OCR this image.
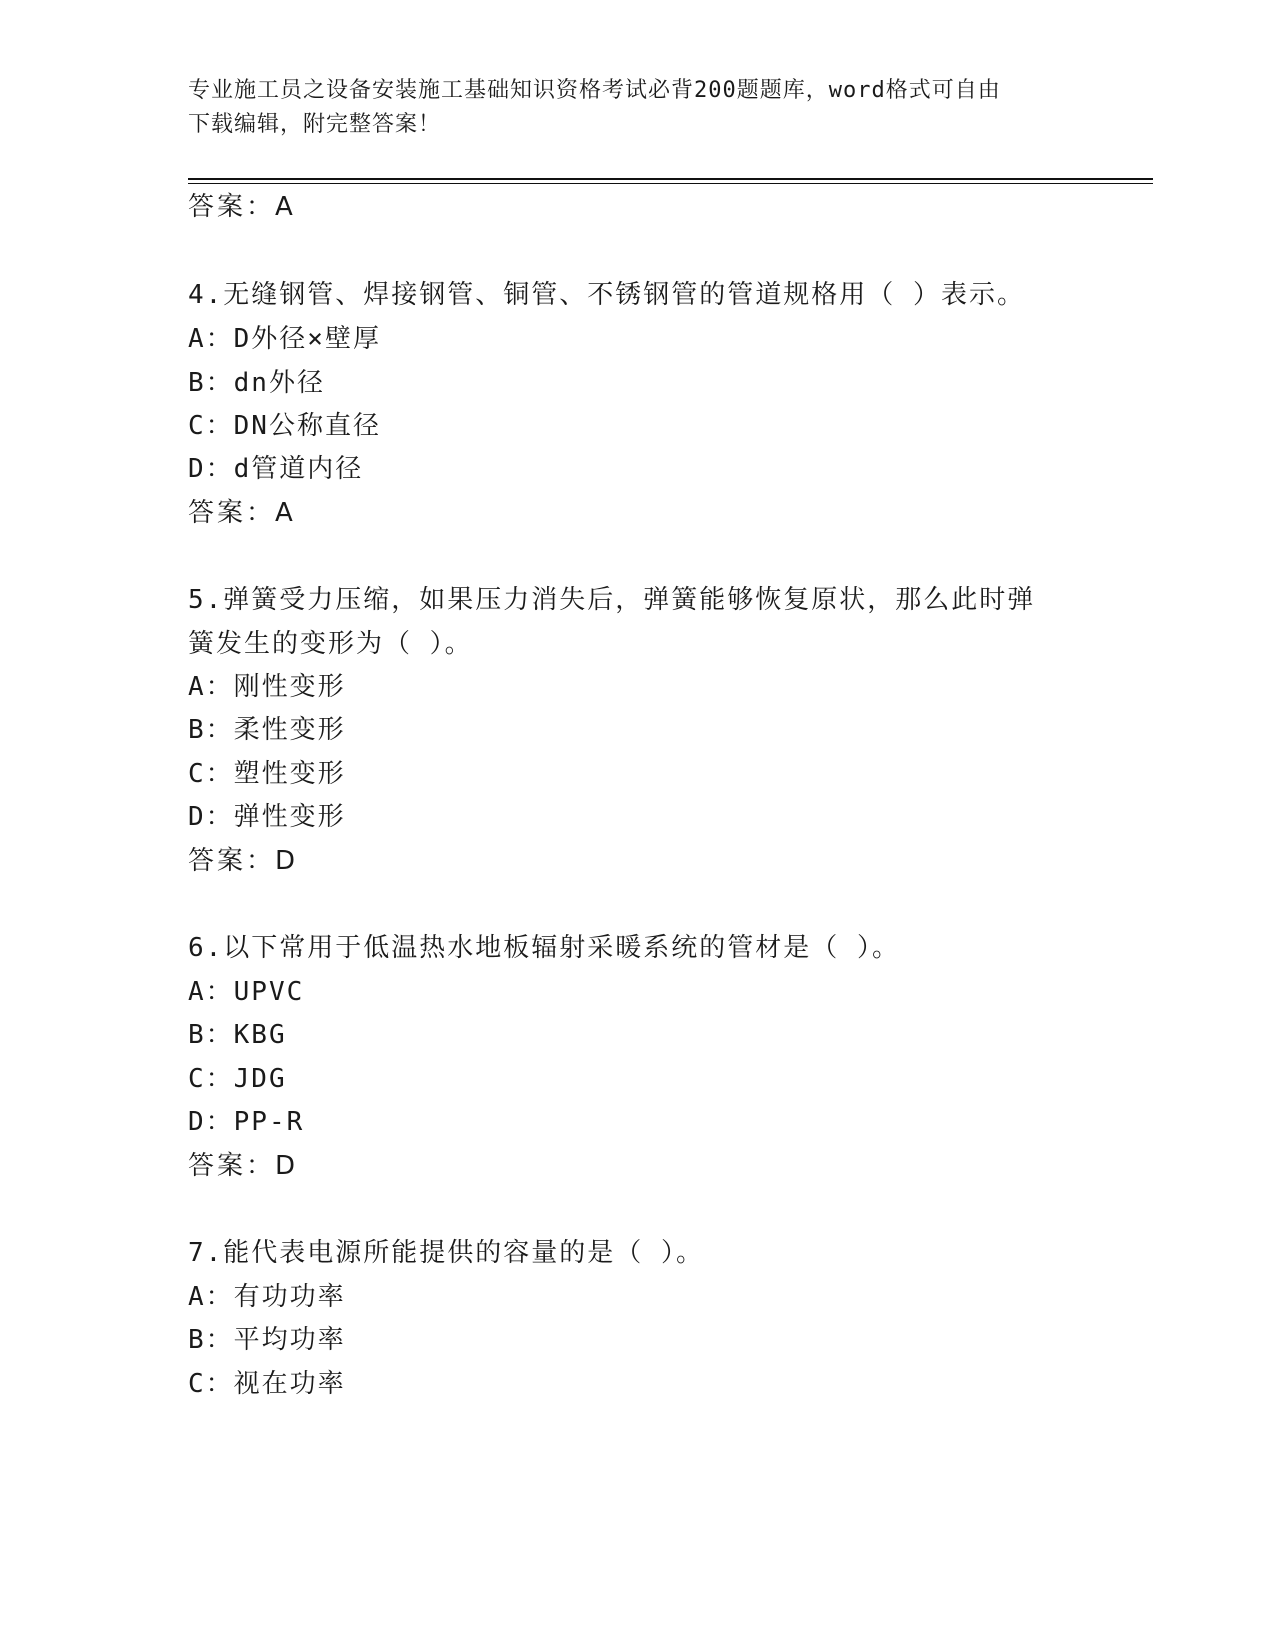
专业施工员之设备安装施工基础知识资格考试必背200题题库，word格式可自由
下载编辑，附完整答案！
答案：A
4.无缝钢管、焊接钢管、铜管、不锈钢管的管道规格用（ ）表示。
A：D外径×壁厚
B：dn外径
C：DN公称直径
D：d管道内径
答案：A
5.弹簧受力压缩，如果压力消失后，弹簧能够恢复原状，那么此时弹
簧发生的变形为（ ）。
A：刚性变形
B：柔性变形
C：塑性变形
D：弹性变形
答案：D
6.以下常用于低温热水地板辐射采暖系统的管材是（ ）。
A：UPVC
B：KBG
C：JDG
D：PP-R
答案：D
7.能代表电源所能提供的容量的是（ ）。
A：有功功率
B：平均功率
C：视在功率
